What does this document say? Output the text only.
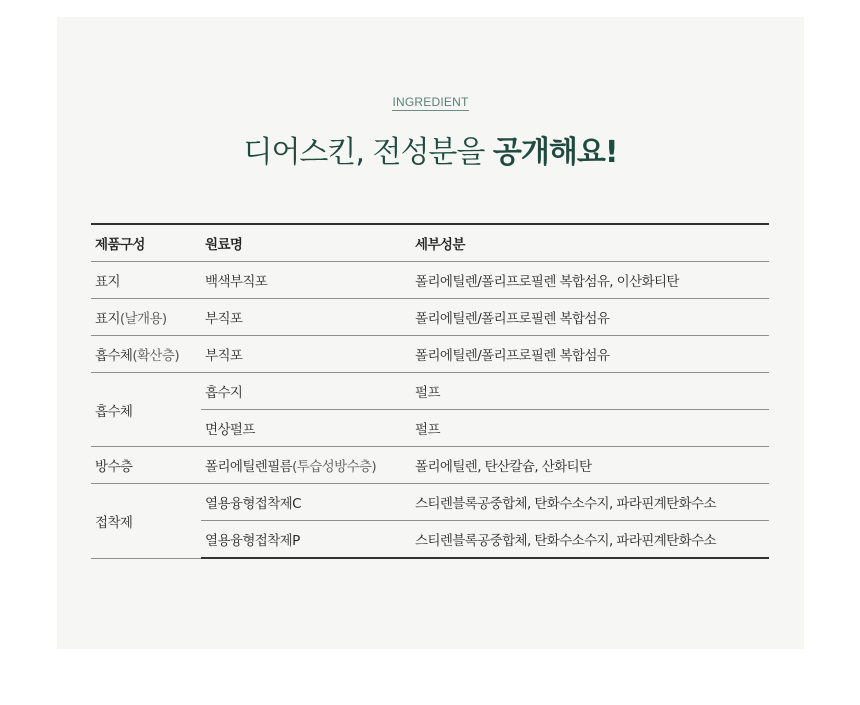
INGREDIENT
디어스킨, 전성분을 공개해요!
제품구성	원료명	세부성분
표지	백색부직포	폴리에틸렌/폴리프로필렌 복합섬유, 이산화티탄
표지(날개용)	부직포	폴리에틸렌/폴리프로필렌 복합섬유
흡수체(확산층)	부직포	폴리에틸렌/폴리프로필렌 복합섬유
흡수체	흡수지	펄프
	면상펄프	펄프
방수층	폴리에틸렌필름(투습성방수층)	폴리에틸렌, 탄산칼슘, 산화티탄
접착제	열용융형접착제C	스티렌블록공중합체, 탄화수소수지, 파라핀계탄화수소
	열용융형접착제P	스티렌블록공중합체, 탄화수소수지, 파라핀계탄화수소
